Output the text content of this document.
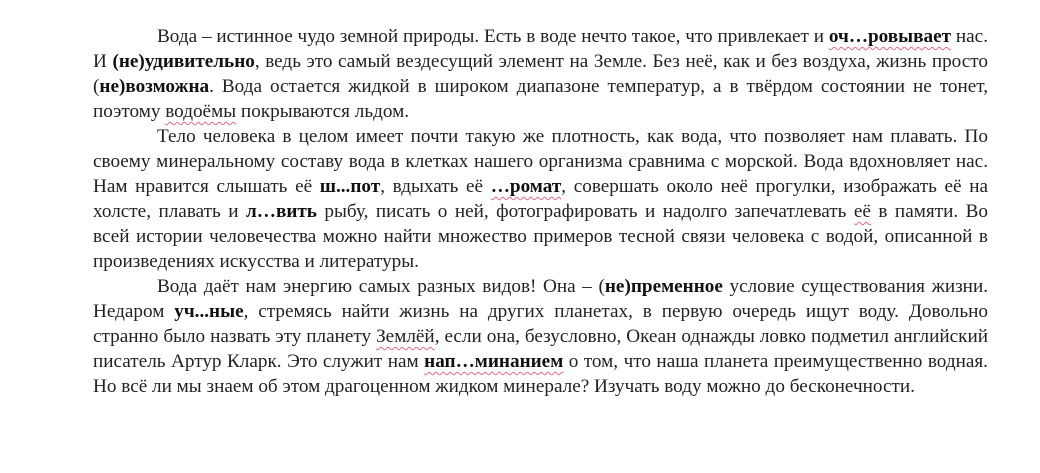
Вода – истинное чудо земной природы. Есть в воде нечто такое, что привлекает и оч…ровывает нас. И (не)удивительно, ведь это самый вездесущий элемент на Земле. Без неё, как и без воздуха, жизнь просто (не)возможна. Вода остается жидкой в широком диапазоне температур, а в твёрдом состоянии не тонет, поэтому водоёмы покрываются льдом.

Тело человека в целом имеет почти такую же плотность, как вода, что позволяет нам плавать. По своему минеральному составу вода в клетках нашего организма сравнима с морской. Вода вдохновляет нас. Нам нравится слышать её ш...пот, вдыхать её …ромат, совершать около неё прогулки, изображать её на холсте, плавать и л…вить рыбу, писать о ней, фотографировать и надолго запечатлевать её в памяти. Во всей истории человечества можно найти множество примеров тесной связи человека с водой, описанной в произведениях искусства и литературы.

Вода даёт нам энергию самых разных видов! Она – (не)пременное условие существования жизни. Недаром уч...ные, стремясь найти жизнь на других планетах, в первую очередь ищут воду. Довольно странно было назвать эту планету Землёй, если она, безусловно, Океан однажды ловко подметил английский писатель Артур Кларк. Это служит нам нап…минанием о том, что наша планета преимущественно водная. Но всё ли мы знаем об этом драгоценном жидком минерале? Изучать воду можно до бесконечности.
